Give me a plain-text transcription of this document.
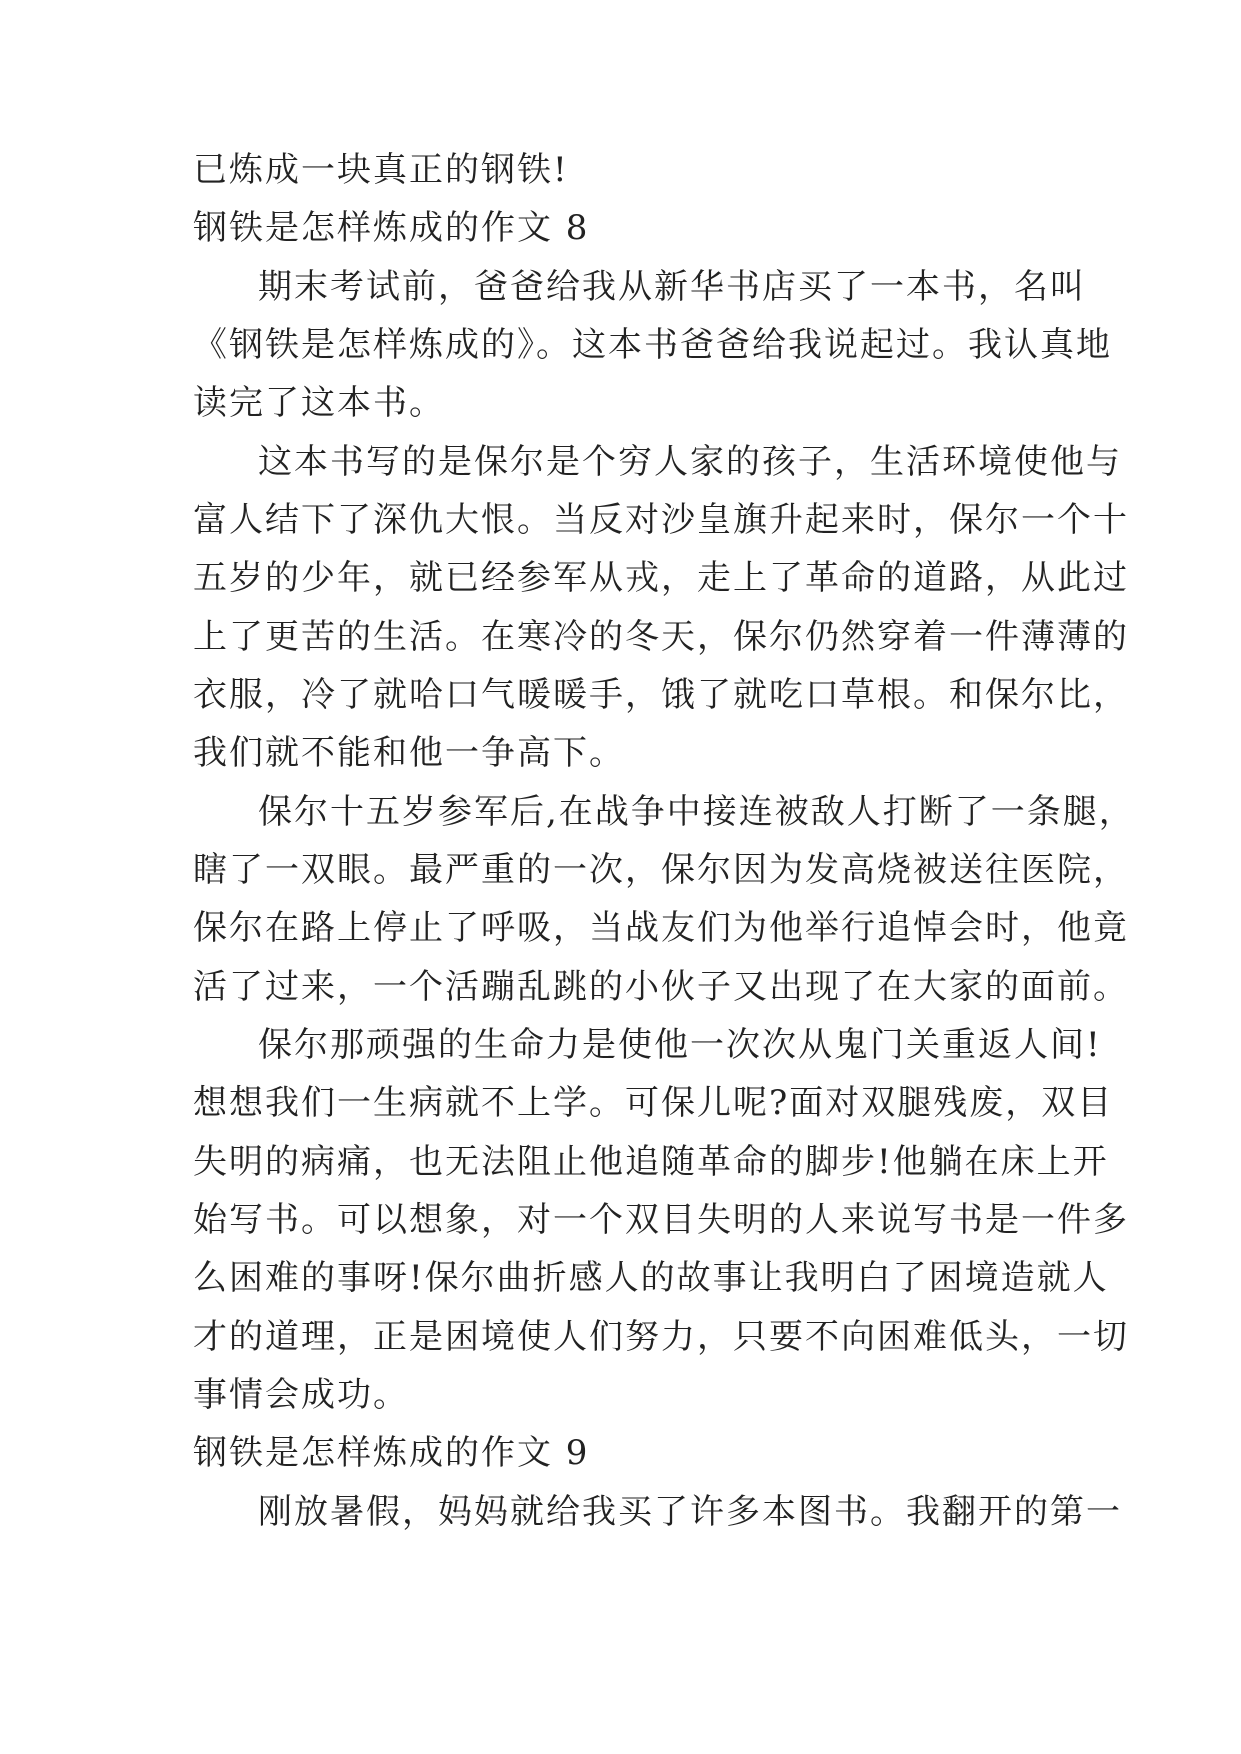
已炼成一块真正的钢铁!
钢铁是怎样炼成的作文 8
期末考试前，爸爸给我从新华书店买了一本书，名叫
《钢铁是怎样炼成的》。这本书爸爸给我说起过。我认真地
读完了这本书。
这本书写的是保尔是个穷人家的孩子，生活环境使他与
富人结下了深仇大恨。当反对沙皇旗升起来时，保尔一个十
五岁的少年，就已经参军从戎，走上了革命的道路，从此过
上了更苦的生活。在寒冷的冬天，保尔仍然穿着一件薄薄的
衣服，冷了就哈口气暖暖手，饿了就吃口草根。和保尔比，
我们就不能和他一争高下。
保尔十五岁参军后,在战争中接连被敌人打断了一条腿，
瞎了一双眼。最严重的一次，保尔因为发高烧被送往医院，
保尔在路上停止了呼吸，当战友们为他举行追悼会时，他竟
活了过来，一个活蹦乱跳的小伙子又出现了在大家的面前。
保尔那顽强的生命力是使他一次次从鬼门关重返人间!
想想我们一生病就不上学。可保儿呢?面对双腿残废，双目
失明的病痛，也无法阻止他追随革命的脚步!他躺在床上开
始写书。可以想象，对一个双目失明的人来说写书是一件多
么困难的事呀!保尔曲折感人的故事让我明白了困境造就人
才的道理，正是困境使人们努力，只要不向困难低头，一切
事情会成功。
钢铁是怎样炼成的作文 9
刚放暑假，妈妈就给我买了许多本图书。我翻开的第一
